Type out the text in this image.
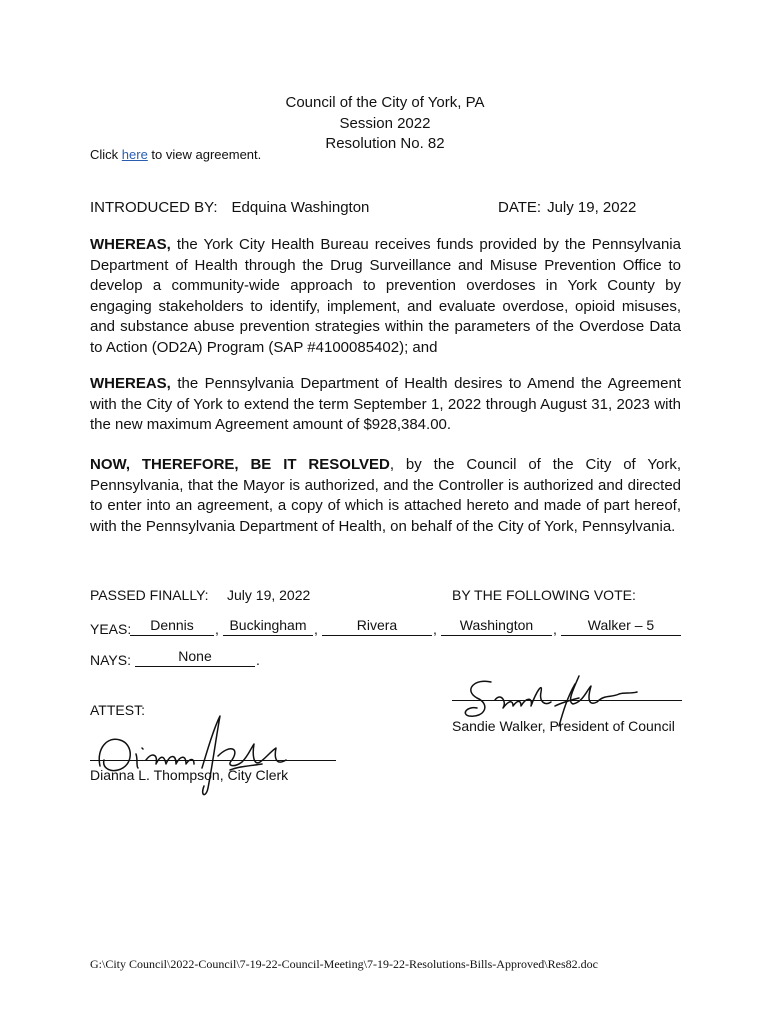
Council of the City of York, PA
Session 2022
Resolution No. 82
Click here to view agreement.
INTRODUCED BY: Edquina Washington	DATE: July 19, 2022

WHEREAS, the York City Health Bureau receives funds provided by the Pennsylvania Department of Health through the Drug Surveillance and Misuse Prevention Office to develop a community-wide approach to prevention overdoses in York County by engaging stakeholders to identify, implement, and evaluate overdose, opioid misuses, and substance abuse prevention strategies within the parameters of the Overdose Data to Action (OD2A) Program (SAP #4100085402); and

WHEREAS, the Pennsylvania Department of Health desires to Amend the Agreement with the City of York to extend the term September 1, 2022 through August 31, 2023 with the new maximum Agreement amount of $928,384.00.

NOW, THEREFORE, BE IT RESOLVED, by the Council of the City of York, Pennsylvania, that the Mayor is authorized, and the Controller is authorized and directed to enter into an agreement, a copy of which is attached hereto and made of part hereof, with the Pennsylvania Department of Health, on behalf of the City of York, Pennsylvania.

PASSED FINALLY: July 19, 2022	BY THE FOLLOWING VOTE:
YEAS:	Dennis	, Buckingham ,	Rivera	,	Washington	,	Walker – 5
NAYS:	None	.
ATTEST:
Sandie Walker, President of Council
Dianna L. Thompson, City Clerk
G:\City Council\2022-Council\7-19-22-Council-Meeting\7-19-22-Resolutions-Bills-Approved\Res82.doc
